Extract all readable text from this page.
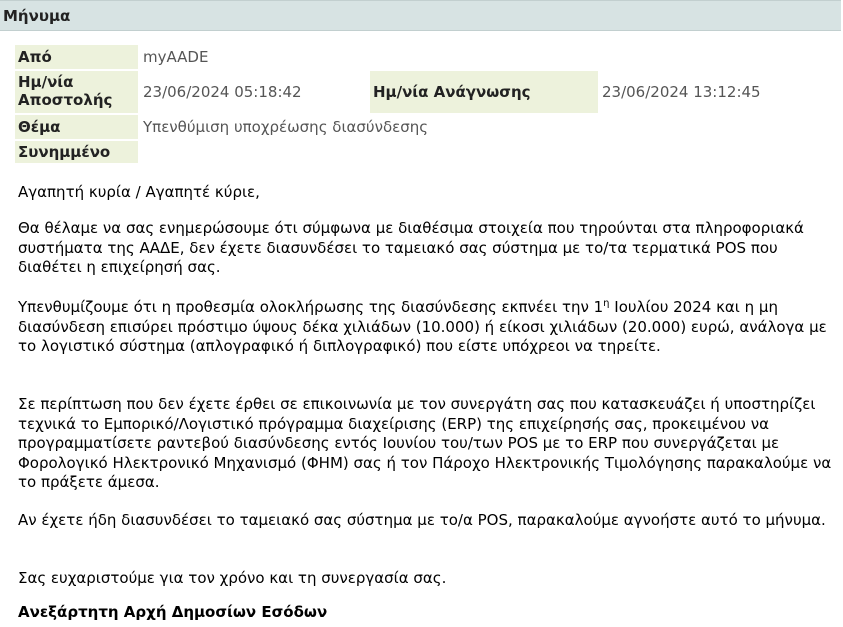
Μήνυμα
Από	myAADE
Ημ/νία
Αποστολής	23/06/2024 05:18:42	Ημ/νία Ανάγνωσης	23/06/2024 13:12:45
Θέμα	Υπενθύμιση υποχρέωσης διασύνδεσης
Συνημμένο
Αγαπητή κυρία / Αγαπητέ κύριε,

Θα θέλαμε να σας ενημερώσουμε ότι σύμφωνα με διαθέσιμα στοιχεία που τηρούνται στα πληροφοριακά συστήματα της ΑΑΔΕ, δεν έχετε διασυνδέσει το ταμειακό σας σύστημα με το/τα τερματικά POS που διαθέτει η επιχείρησή σας.

Υπενθυμίζουμε ότι η προθεσμία ολοκλήρωσης της διασύνδεσης εκπνέει την $1^\eta$ Ιουλίου 2024 και η μη διασύνδεση επισύρει πρόστιμο ύψους δέκα χιλιάδων (10.000) ή είκοσι χιλιάδων (20.000) ευρώ, ανάλογα με το λογιστικό σύστημα (απλογραφικό ή διπλογραφικό) που είστε υπόχρεοι να τηρείτε.

Σε περίπτωση που δεν έχετε έρθει σε επικοινωνία με τον συνεργάτη σας που κατασκευάζει ή υποστηρίζει τεχνικά το Εμπορικό/Λογιστικό πρόγραμμα διαχείρισης (ERP) της επιχείρησής σας, προκειμένου να προγραμματίσετε ραντεβού διασύνδεσης εντός Ιουνίου του/των POS με το ERP που συνεργάζεται με Φορολογικό Ηλεκτρονικό Μηχανισμό (ΦΗΜ) σας ή τον Πάροχο Ηλεκτρονικής Τιμολόγησης παρακαλούμε να το πράξετε άμεσα.

Αν έχετε ήδη διασυνδέσει το ταμειακό σας σύστημα με το/α POS, παρακαλούμε αγνοήστε αυτό το μήνυμα.

Σας ευχαριστούμε για τον χρόνο και τη συνεργασία σας.

Ανεξάρτητη Αρχή Δημοσίων Εσόδων
